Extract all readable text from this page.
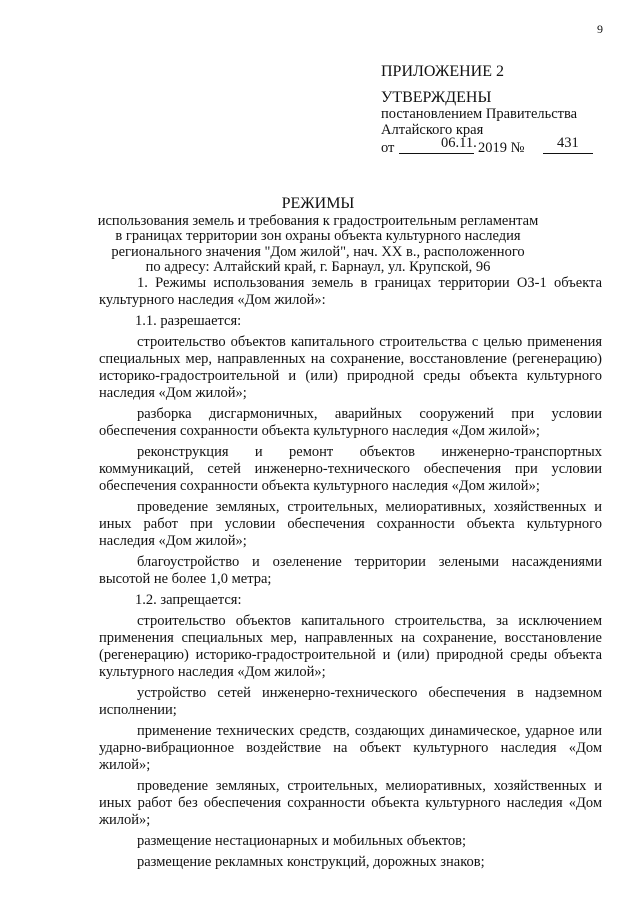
9
ПРИЛОЖЕНИЕ 2
УТВЕРЖДЕНЫ
постановлением Правительства
Алтайского края
от	06.11. 2019 № 431
РЕЖИМЫ
использования земель и требования к градостроительным регламентам
в границах территории зон охраны объекта культурного наследия
регионального значения "Дом жилой", нач. XX в., расположенного
по адресу: Алтайский край, г. Барнаул, ул. Крупской, 96

1. Режимы использования земель в границах территории ОЗ-1 объекта культурного наследия «Дом жилой»:

1.1. разрешается:

строительство объектов капитального строительства с целью применения специальных мер, направленных на сохранение, восстановление (регенерацию) историко-градостроительной и (или) природной среды объекта культурного наследия «Дом жилой»;

разборка дисгармоничных, аварийных сооружений при условии обеспечения сохранности объекта культурного наследия «Дом жилой»;

реконструкция и ремонт объектов инженерно-транспортных коммуникаций, сетей инженерно-технического обеспечения при условии обеспечения сохранности объекта культурного наследия «Дом жилой»;

проведение земляных, строительных, мелиоративных, хозяйственных и иных работ при условии обеспечения сохранности объекта культурного наследия «Дом жилой»;

благоустройство и озеленение территории зелеными насаждениями высотой не более 1,0 метра;

1.2. запрещается:

строительство объектов капитального строительства, за исключением применения специальных мер, направленных на сохранение, восстановление (регенерацию) историко-градостроительной и (или) природной среды объекта культурного наследия «Дом жилой»;

устройство сетей инженерно-технического обеспечения в надземном исполнении;

применение технических средств, создающих динамическое, ударное или ударно-вибрационное воздействие на объект культурного наследия «Дом жилой»;

проведение земляных, строительных, мелиоративных, хозяйственных и иных работ без обеспечения сохранности объекта культурного наследия «Дом жилой»;

размещение нестационарных и мобильных объектов;

размещение рекламных конструкций, дорожных знаков;
